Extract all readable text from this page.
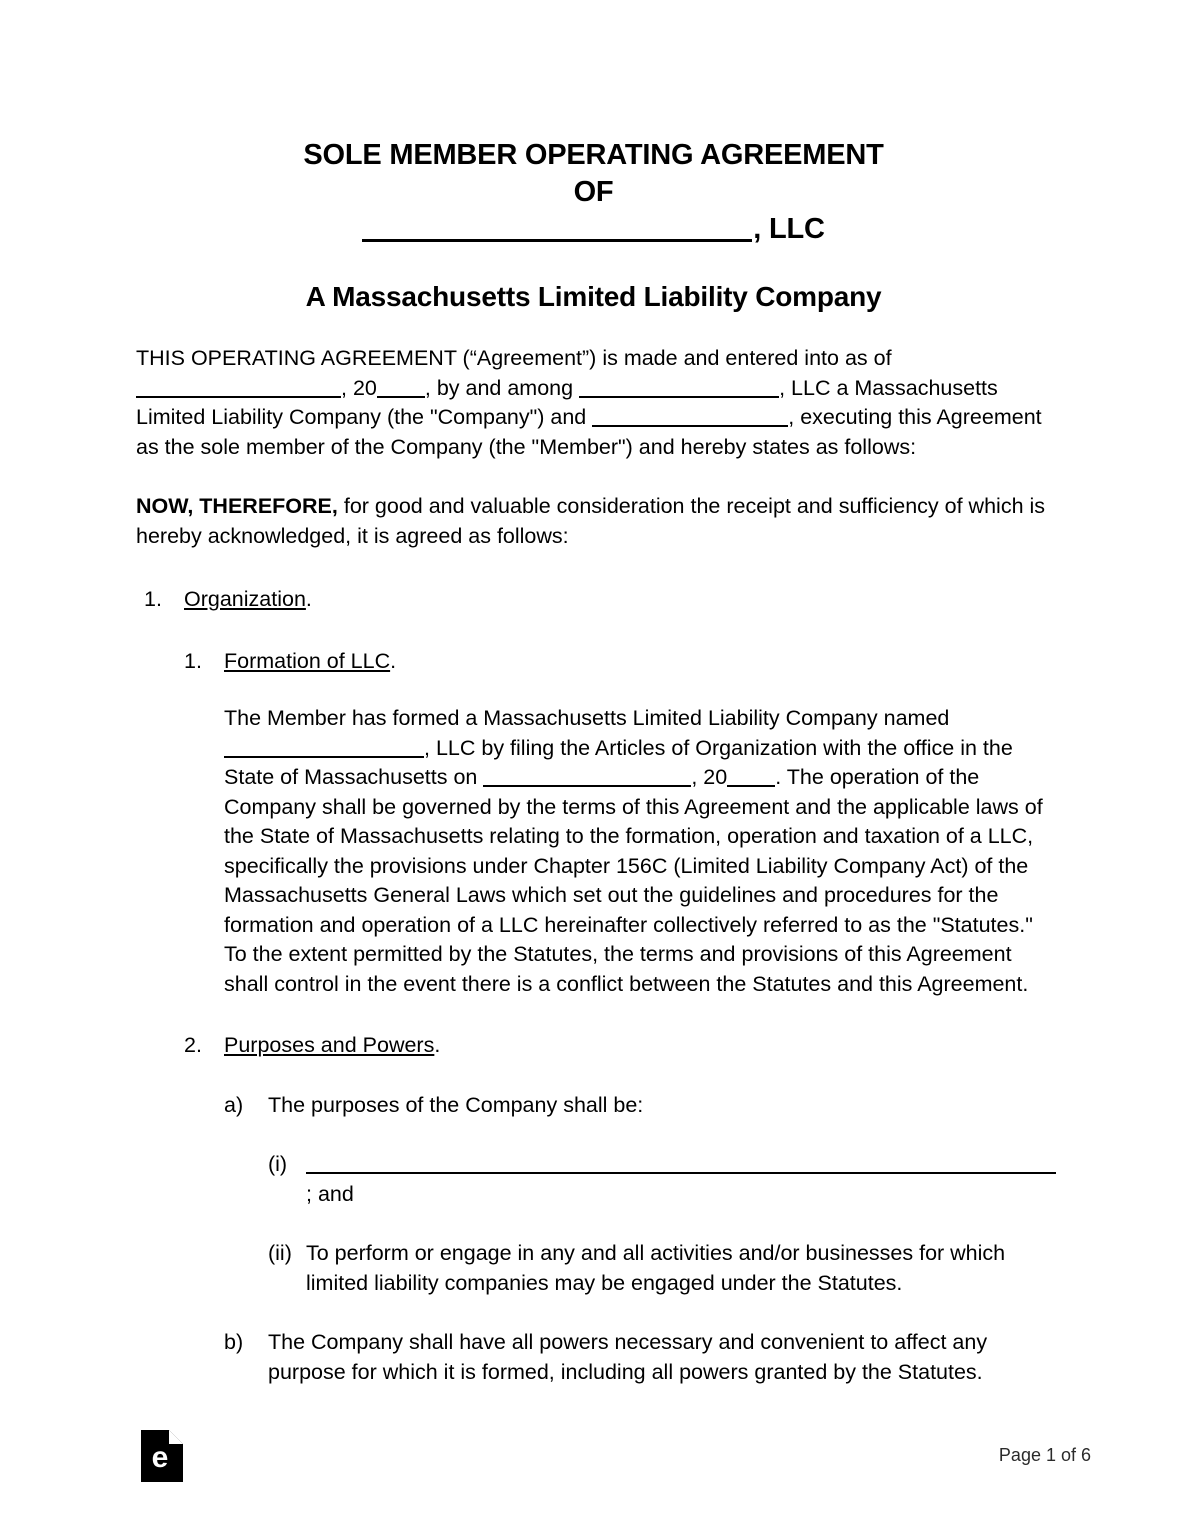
SOLE MEMBER OPERATING AGREEMENT
OF
, LLC
A Massachusetts Limited Liability Company
THIS OPERATING AGREEMENT (“Agreement”) is made and entered into as of , 20 , by and among	, LLC a Massachusetts Limited Liability Company (the "Company") and	, executing this Agreement as the sole member of the Company (the "Member") and hereby states as follows:
NOW, THEREFORE, for good and valuable consideration the receipt and sufficiency of which is hereby acknowledged, it is agreed as follows:
1. Organization.
1. Formation of LLC.
The Member has formed a Massachusetts Limited Liability Company named , LLC by filing the Articles of Organization with the office in the State of Massachusetts on	, 20 . The operation of the Company shall be governed by the terms of this Agreement and the applicable laws of the State of Massachusetts relating to the formation, operation and taxation of a LLC, specifically the provisions under Chapter 156C (Limited Liability Company Act) of the Massachusetts General Laws which set out the guidelines and procedures for the formation and operation of a LLC hereinafter collectively referred to as the "Statutes." To the extent permitted by the Statutes, the terms and provisions of this Agreement shall control in the event there is a conflict between the Statutes and this Agreement.
2. Purposes and Powers.
a) The purposes of the Company shall be:
(i)
; and
(ii) To perform or engage in any and all activities and/or businesses for which limited liability companies may be engaged under the Statutes.
b) The Company shall have all powers necessary and convenient to affect any purpose for which it is formed, including all powers granted by the Statutes.
e	Page 1 of 6
